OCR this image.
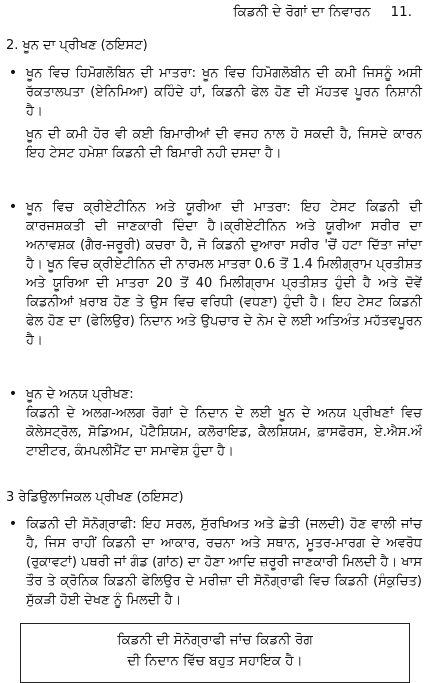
ਕਿਡਨੀ ਦੇ ਰੋਗਾਂ ਦਾ ਨਿਵਾਰਨ 11.
2. ਖੂਨ ਦਾ ਪ੍ਰੀਖਣ (ਠਇਸਟ)
• ਖੂਨ ਵਿਚ ਹਿਮੋਗਲੋਬਿਨ ਦੀ ਮਾਤਰਾ: ਖੂਨ ਵਿਚ ਹਿਮੋਗਲੋਬੀਨ ਦੀ ਕਮੀ ਜਿਸਨੂੰ ਅਸੀ ਰੱਕਤਾਲਪਤਾ (ਏਨਿਮਿਆ) ਕਹਿੰਦੇ ਹਾਂ, ਕਿਡਨੀ ਫੇਲ ਹੋਣ ਦੀ ਮੱਹਤਵ ਪੂਰਨ ਨਿਸ਼ਾਨੀ ਹੈ।
ਖੂਨ ਦੀ ਕਮੀ ਹੋਰ ਵੀ ਕਈ ਬਿਮਾਰੀਆਂ ਦੀ ਵਜਹ ਨਾਲ ਹੋ ਸਕਦੀ ਹੈ, ਜਿਸਦੇ ਕਾਰਨ ਇਹ ਟੇਸਟ ਹਮੇਸ਼ਾ ਕਿਡਨੀ ਦੀ ਬਿਮਾਰੀ ਨਹੀ ਦਸਦਾ ਹੈ।
• ਖੂਨ ਵਿਚ ਕ੍ਰੀਏਟੀਨਿਨ ਅਤੇ ਯੂਰੀਆ ਦੀ ਮਾਤਰਾ: ਇਹ ਟੇਸਟ ਕਿਡਨੀ ਦੀ ਕਾਰਜਸ਼ਕਤੀ ਦੀ ਜਾਣਕਾਰੀ ਦਿੰਦਾ ਹੈ।ਕ੍ਰੀਏਟੀਨਿਨ ਅਤੇ ਯੂਰੀਆ ਸਰੀਰ ਦਾ ਅਨਾਵਸ਼ਕ (ਗੈਰ-ਜਰੂਰੀ) ਕਚਰਾ ਹੈ, ਜੋ ਕਿਡਨੀ ਦੁਆਰਾ ਸਰੀਰ 'ਚੋਂ ਹਟਾ ਦਿੱਤਾ ਜਾਂਦਾ ਹੈ। ਖੂਨ ਵਿਚ ਕ੍ਰੀਏਟੀਨਿਨ ਦੀ ਨਾਰਮਲ ਮਾਤਰਾ 0.6 ਤੋਂ 1.4 ਮਿਲੀਗ੍ਰਾਮ ਪ੍ਰਤੀਸ਼ਤ ਅਤੇ ਯੂਰਿਆ ਦੀ ਮਾਤਰਾ 20 ਤੋਂ 40 ਮਿਲੀਗ੍ਰਾਮ ਪ੍ਰਤੀਸ਼ਤ ਹੁੰਦੀ ਹੈ ਅਤੇ ਦੋਵੇਂ ਕਿਡਨੀਆਂ ਖ਼ਰਾਬ ਹੋਣ ਤੇ ਉਸ ਵਿਚ ਵਰਿਧੀ (ਵਧਣਾ) ਹੁੰਦੀ ਹੈ। ਇਹ ਟੇਸਟ ਕਿਡਨੀ ਫੇਲ ਹੋਣ ਦਾ (ਫੇਲਿਉਰ) ਨਿਦਾਨ ਅਤੇ ਉਪਚਾਰ ਦੇ ਨੇਮ ਦੇ ਲਈ ਅਤਿਅੰਤ ਮਹੱਤਵਪੂਰਨ ਹੈ।
• ਖੂਨ ਦੇ ਅਨਯ ਪ੍ਰੀਖਣ:
ਕਿਡਨੀ ਦੇ ਅਲਗ-ਅਲਗ ਰੋਗਾਂ ਦੇ ਨਿਦਾਨ ਦੇ ਲਈ ਖੂਨ ਦੇ ਅਨਯ ਪ੍ਰੀਖਣਾਂ ਵਿਚ ਕੋਲੇਸਟ੍ਰੋਲ, ਸੋਡਿਅਮ, ਪੋਟੈਸ਼ਿਯਮ, ਕਲੋਰਾਇਡ, ਕੈਲਸ਼ਿਯਮ, ਫ਼ਾਸਫੋਰਸ, ਏ.ਐਸ.ਔ ਟਾਈਟਰ, ਕੰਮਪਲੀਮੈਂਟ ਦਾ ਸਮਾਵੇਸ਼ ਹੁੰਦਾ ਹੈ।
3 ਰੇਡਿਉਲਾਜਿਕਲ ਪ੍ਰੀਖਣ (ਠਇਸਟ)
• ਕਿਡਨੀ ਦੀ ਸੋਨੋਗ੍ਰਾਫੀ: ਇਹ ਸਰਲ, ਸੁੱਰਖਿਅਤ ਅਤੇ ਛੇਤੀ (ਜਲਦੀ) ਹੋਣ ਵਾਲੀ ਜਾਂਚ ਹੈ, ਜਿਸ ਰਾਹੀਂ ਕਿਡਨੀ ਦਾ ਆਕਾਰ, ਰਚਨਾ ਅਤੇ ਸਥਾਨ, ਮੂਤਰ-ਮਾਰਗ ਦੇ ਅਵਰੋਧ (ਰੁਕਾਵਟਾਂ) ਪਥਰੀ ਜਾਂ ਗੰਡ (ਗਾਂਠ) ਦਾ ਹੋਣਾ ਆਦਿ ਜ਼ਰੂਰੀ ਜਾਣਕਾਰੀ ਮਿਲਦੀ ਹੈ। ਖਾਸ ਤੌਰ ਤੇ ਕ੍ਰੋਨਿਕ ਕਿਡਨੀ ਫੇਲਿਉਰ ਦੇ ਮਰੀਜ਼ਾ ਦੀ ਸੋਨੋਗ੍ਰਾਫੀ ਵਿਚ ਕਿਡਨੀ (ਸੰਕੁਚਿਤ) ਸੁੱਕੜੀ ਹੋਈ ਦੇਖਣ ਨੂੰ ਮਿਲਦੀ ਹੈ।
ਕਿਡਨੀ ਦੀ ਸੋਨੋਗ੍ਰਾਫੀ ਜਾਂਚ ਕਿਡਨੀ ਰੋਗ
ਦੀ ਨਿਦਾਨ ਵਿੱਚ ਬਹੁਤ ਸਹਾਇਕ ਹੈ।
